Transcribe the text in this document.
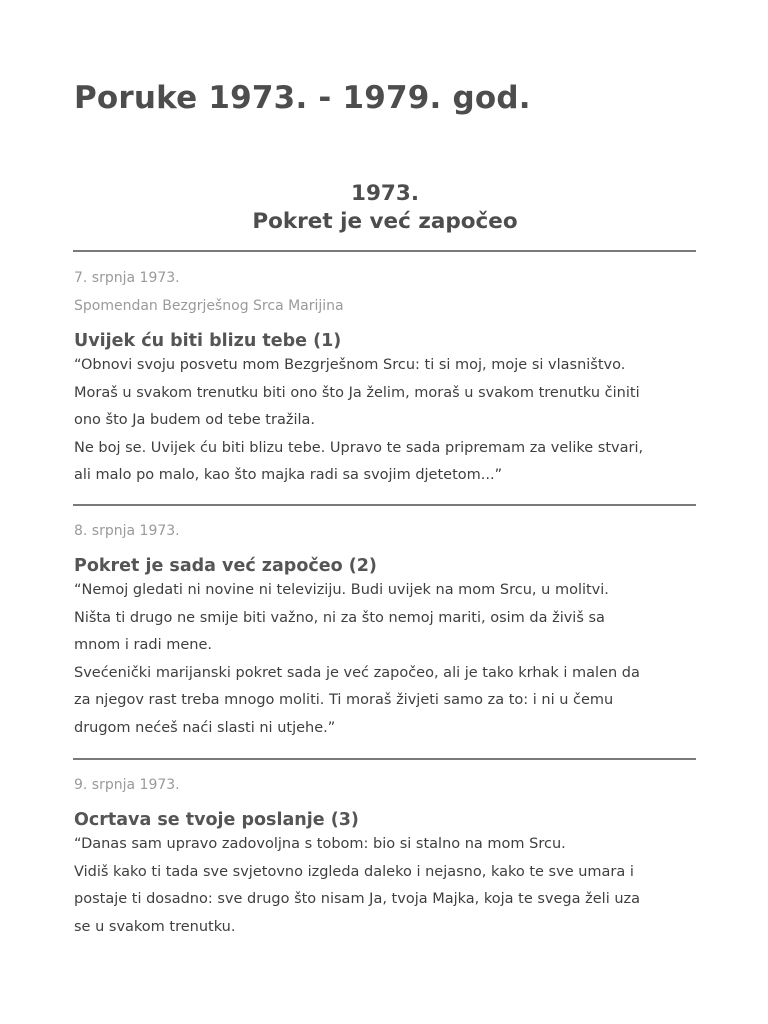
Poruke 1973. - 1979. god.
1973.
Pokret je već započeo
7. srpnja 1973.
Spomendan Bezgrješnog Srca Marijina
Uvijek ću biti blizu tebe (1)

“Obnovi svoju posvetu mom Bezgrješnom Srcu: ti si moj, moje si vlasništvo.

Moraš u svakom trenutku biti ono što Ja želim, moraš u svakom trenutku činiti

ono što Ja budem od tebe tražila.

Ne boj se. Uvijek ću biti blizu tebe. Upravo te sada pripremam za velike stvari,

ali malo po malo, kao što majka radi sa svojim djetetom...”

8. srpnja 1973.
Pokret je sada već započeo (2)

“Nemoj gledati ni novine ni televiziju. Budi uvijek na mom Srcu, u molitvi.

Ništa ti drugo ne smije biti važno, ni za što nemoj mariti, osim da živiš sa

mnom i radi mene.

Svećenički marijanski pokret sada je već započeo, ali je tako krhak i malen da

za njegov rast treba mnogo moliti. Ti moraš živjeti samo za to: i ni u čemu

drugom nećeš naći slasti ni utjehe.”

9. srpnja 1973.
Ocrtava se tvoje poslanje (3)

“Danas sam upravo zadovoljna s tobom: bio si stalno na mom Srcu.

Vidiš kako ti tada sve svjetovno izgleda daleko i nejasno, kako te sve umara i

postaje ti dosadno: sve drugo što nisam Ja, tvoja Majka, koja te svega želi uza

se u svakom trenutku.
